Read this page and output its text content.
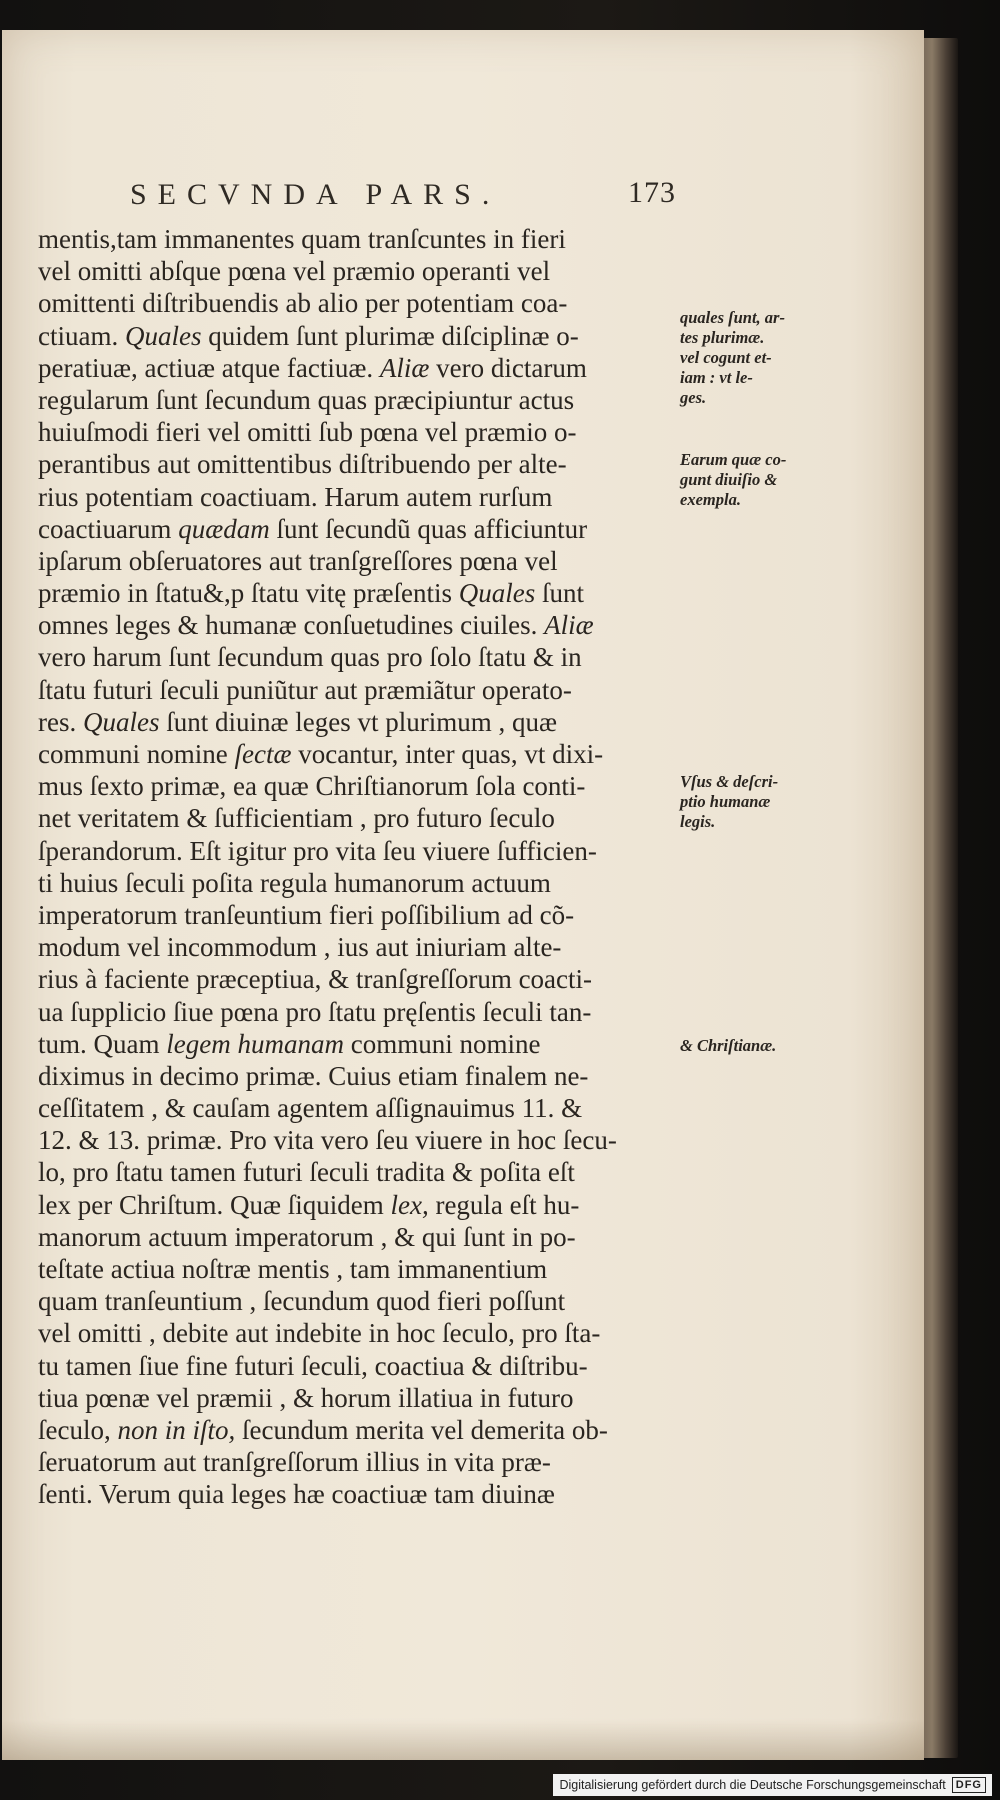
SECVNDA PARS.	173
mentis,tam immanentes quam tranſcuntes in fieri
vel omitti abſque pœna vel præmio operanti vel
omittenti diſtribuendis ab alio per potentiam coa-
ctiuam. Quales quidem ſunt plurimæ diſciplinæ o-
peratiuæ, actiuæ atque factiuæ. Aliæ vero dictarum
regularum ſunt ſecundum quas præcipiuntur actus
huiuſmodi fieri vel omitti ſub pœna vel præmio o-
perantibus aut omittentibus diſtribuendo per alte-
rius potentiam coactiuam. Harum autem rurſum
coactiuarum quædam ſunt ſecundũ quas afficiuntur
ipſarum obſeruatores aut tranſgreſſores pœna vel
præmio in ſtatu&,p ſtatu vitę præſentis Quales ſunt
omnes leges & humanæ conſuetudines ciuiles. Aliæ
vero harum ſunt ſecundum quas pro ſolo ſtatu & in
ſtatu futuri ſeculi puniũtur aut præmiãtur operato-
res. Quales ſunt diuinæ leges vt plurimum , quæ
communi nomine ſectæ vocantur, inter quas, vt dixi-
mus ſexto primæ, ea quæ Chriſtianorum ſola conti-
net veritatem & ſufficientiam , pro futuro ſeculo
ſperandorum. Eſt igitur pro vita ſeu viuere ſufficien-
ti huius ſeculi poſita regula humanorum actuum
imperatorum tranſeuntium fieri poſſibilium ad cõ-
modum vel incommodum , ius aut iniuriam alte-
rius à faciente præceptiua, & tranſgreſſorum coacti-
ua ſupplicio ſiue pœna pro ſtatu pręſentis ſeculi tan-
tum. Quam legem humanam communi nomine
diximus in decimo primæ. Cuius etiam finalem ne-
ceſſitatem , & cauſam agentem aſſignauimus 11. &
12. & 13. primæ. Pro vita vero ſeu viuere in hoc ſecu-
lo, pro ſtatu tamen futuri ſeculi tradita & poſita eſt
lex per Chriſtum. Quæ ſiquidem lex, regula eſt hu-
manorum actuum imperatorum , & qui ſunt in po-
teſtate actiua noſtræ mentis , tam immanentium
quam tranſeuntium , ſecundum quod fieri poſſunt
vel omitti , debite aut indebite in hoc ſeculo, pro ſta-
tu tamen ſiue fine futuri ſeculi, coactiua & diſtribu-
tiua pœnæ vel præmii , & horum illatiua in futuro
ſeculo, non in iſto, ſecundum merita vel demerita ob-
ſeruatorum aut tranſgreſſorum illius in vita præ-
ſenti. Verum quia leges hæ coactiuæ tam diuinæ
quales ſunt, ar-
tes plurimæ.
vel cogunt et-
iam : vt le-
ges.
Earum quæ co-
gunt diuiſio &
exempla.
Vſus & deſcri-
ptio humanæ
legis.
& Chriſtianæ.
Digitalisierung gefördert durch die Deutsche Forschungsgemeinschaft DFG
